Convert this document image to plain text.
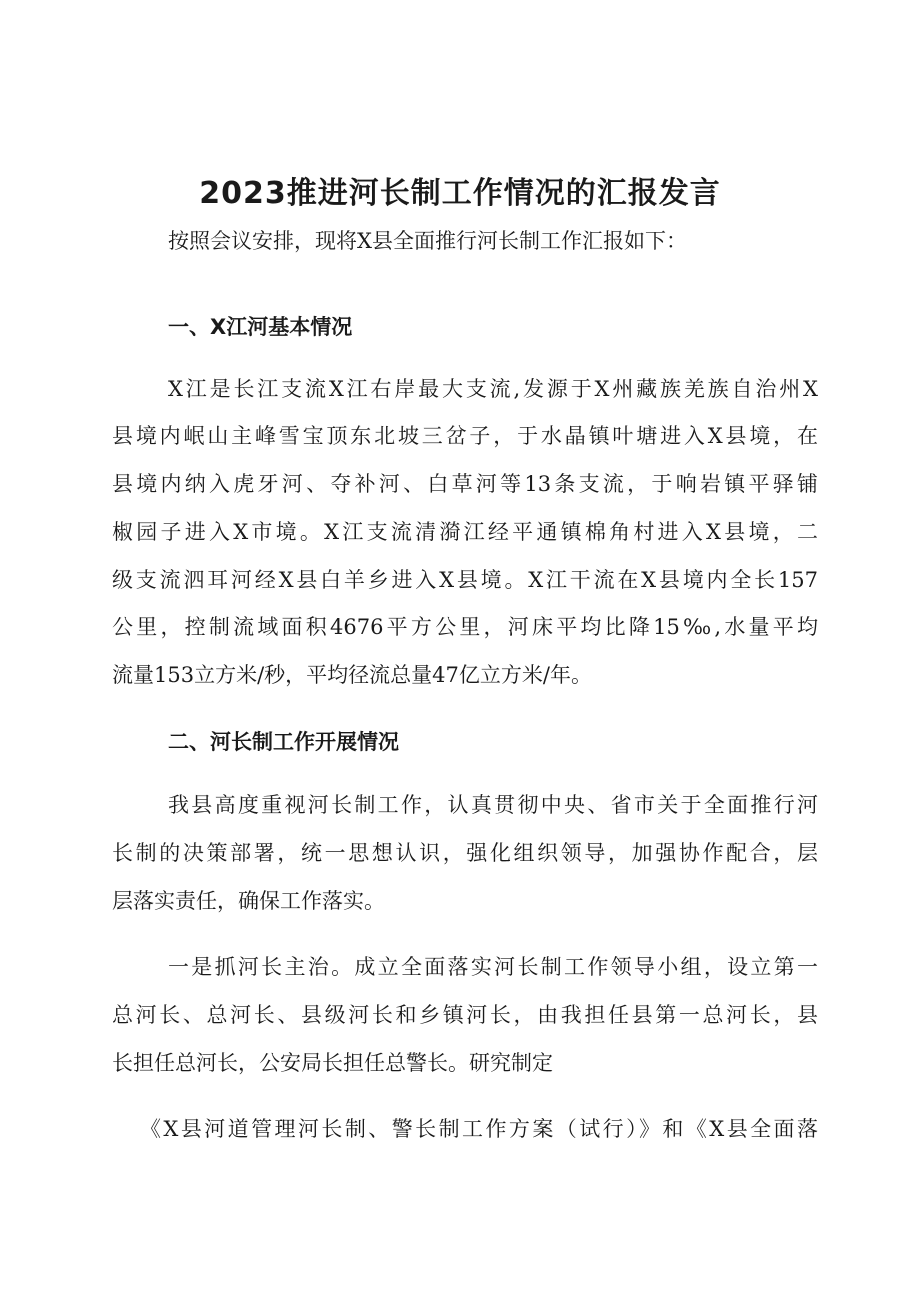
2023推进河长制工作情况的汇报发言

按照会议安排，现将X县全面推行河长制工作汇报如下：

一、X江河基本情况

X江是长江支流X江右岸最大支流,发源于X州藏族羌族自治州X

县境内岷山主峰雪宝顶东北坡三岔子，于水晶镇叶塘进入X县境，在

县境内纳入虎牙河、夺补河、白草河等13条支流，于响岩镇平驿铺

椒园子进入X市境。X江支流清漪江经平通镇棉角村进入X县境，二

级支流泗耳河经X县白羊乡进入X县境。X江干流在X县境内全长157

公里，控制流域面积4676平方公里，河床平均比降15‰,水量平均

流量153立方米/秒，平均径流总量47亿立方米/年。

二、河长制工作开展情况

我县高度重视河长制工作，认真贯彻中央、省市关于全面推行河

长制的决策部署，统一思想认识，强化组织领导，加强协作配合，层

层落实责任，确保工作落实。

一是抓河长主治。成立全面落实河长制工作领导小组，设立第一

总河长、总河长、县级河长和乡镇河长，由我担任县第一总河长，县

长担任总河长，公安局长担任总警长。研究制定

《X县河道管理河长制、警长制工作方案（试行）》和《X县全面落
